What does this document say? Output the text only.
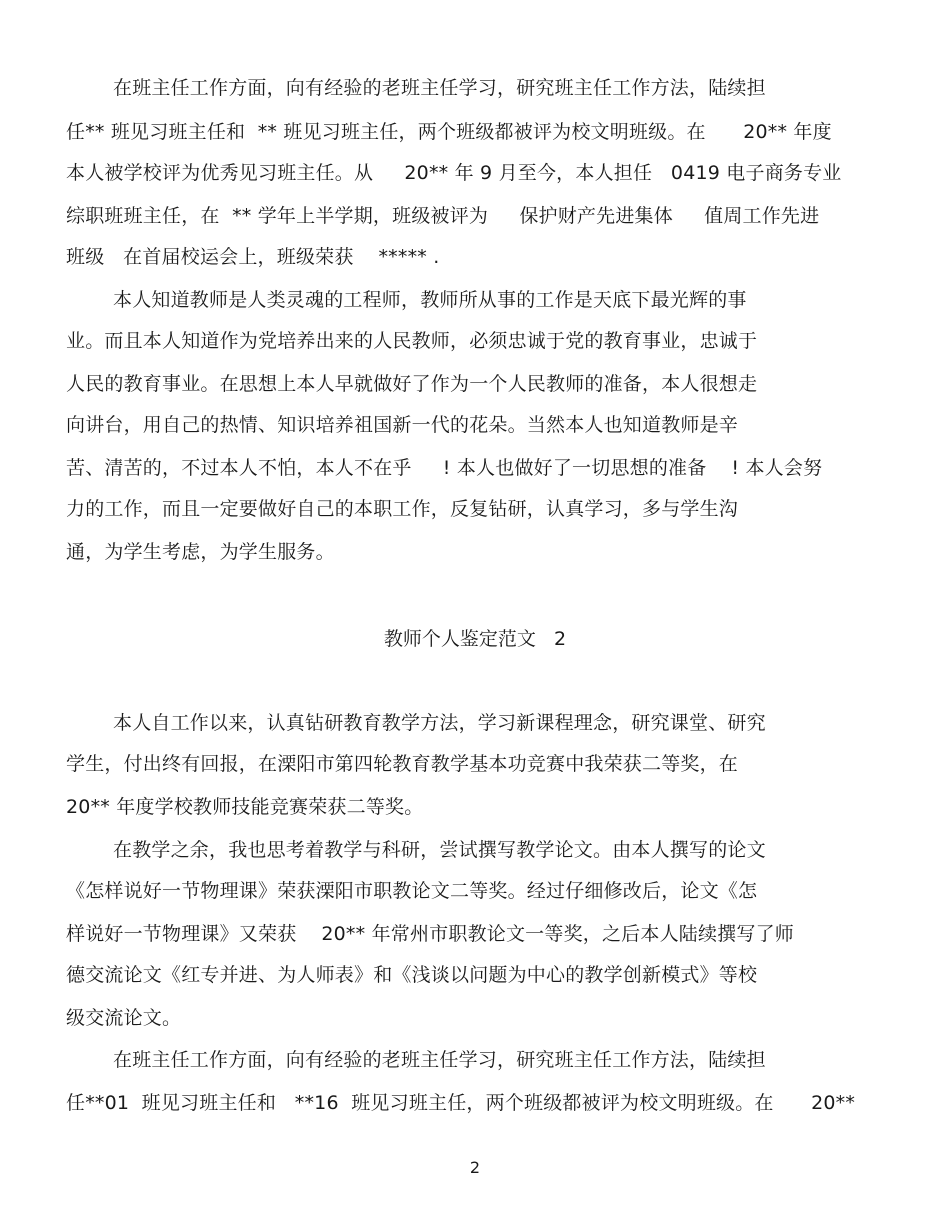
在班主任工作方面，向有经验的老班主任学习，研究班主任工作方法，陆续担
任** 班见习班主任和  ** 班见习班主任，两个班级都被评为校文明班级。在      20** 年度
本人被学校评为优秀见习班主任。从     20** 年 9 月至今，本人担任   0419 电子商务专业
综职班班主任，在  ** 学年上半学期，班级被评为     保护财产先进集体     值周工作先进
班级   在首届校运会上，班级荣获    ***** .
本人知道教师是人类灵魂的工程师，教师所从事的工作是天底下最光辉的事
业。而且本人知道作为党培养出来的人民教师，必须忠诚于党的教育事业，忠诚于
人民的教育事业。在思想上本人早就做好了作为一个人民教师的准备，本人很想走
向讲台，用自己的热情、知识培养祖国新一代的花朵。当然本人也知道教师是辛
苦、清苦的，不过本人不怕，本人不在乎     ! 本人也做好了一切思想的准备    ! 本人会努
力的工作，而且一定要做好自己的本职工作，反复钻研，认真学习，多与学生沟
通，为学生考虑，为学生服务。
教师个人鉴定范文   2
本人自工作以来，认真钻研教育教学方法，学习新课程理念，研究课堂、研究
学生，付出终有回报，在溧阳市第四轮教育教学基本功竞赛中我荣获二等奖，在
20** 年度学校教师技能竞赛荣获二等奖。
在教学之余，我也思考着教学与科研，尝试撰写教学论文。由本人撰写的论文
《怎样说好一节物理课》荣获溧阳市职教论文二等奖。经过仔细修改后，论文《怎
样说好一节物理课》又荣获    20** 年常州市职教论文一等奖，之后本人陆续撰写了师
德交流论文《红专并进、为人师表》和《浅谈以问题为中心的教学创新模式》等校
级交流论文。
在班主任工作方面，向有经验的老班主任学习，研究班主任工作方法，陆续担
任**01  班见习班主任和   **16  班见习班主任，两个班级都被评为校文明班级。在      20**
2
